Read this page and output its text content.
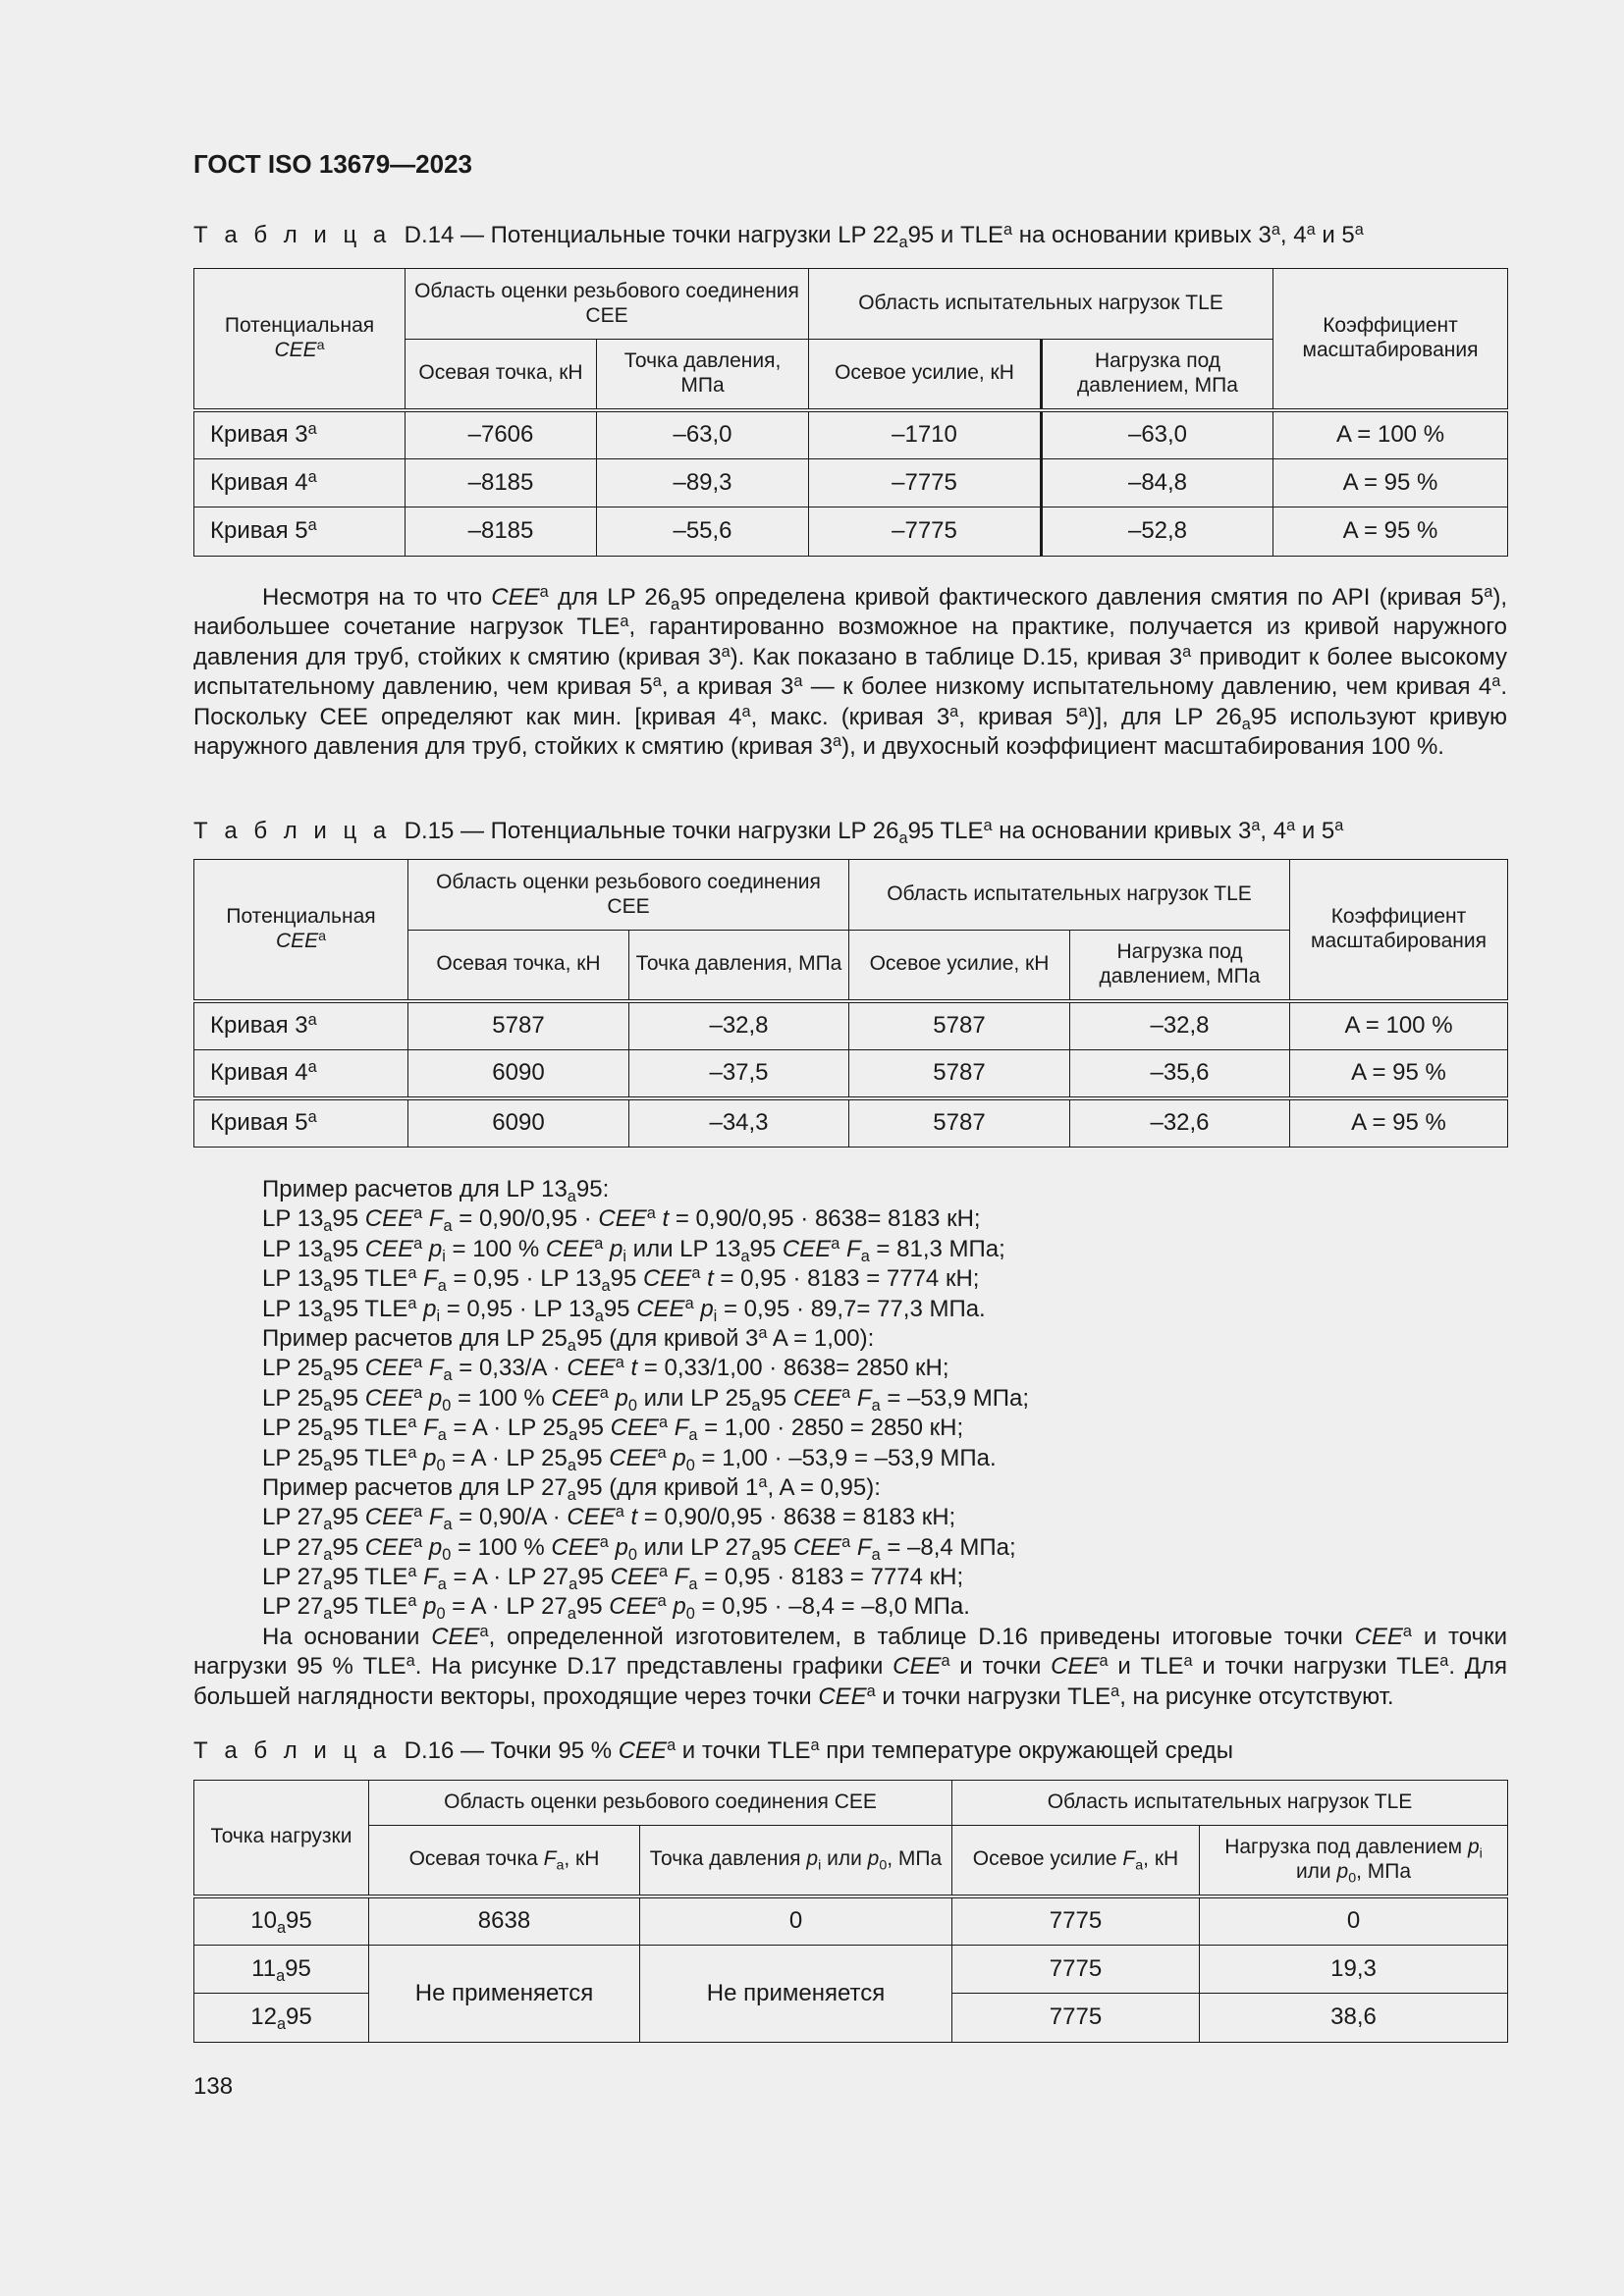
ГОСТ ISO 13679—2023
Т а б л и ц а D.14 — Потенциальные точки нагрузки LP $22_a95$ и TLE$^a$ на основании кривых 3$^a$, 4$^a$ и 5$^a$
Потенциальная
CEE$^a$	Область оценки резьбового соединения CEE		Область испытательных нагрузок TLE		Коэффициент масштабирования
	Осевая точка, кН	Точка давления, МПа	Осевое усилие, кН	Нагрузка под давлением, МПа	
Кривая 3$^a$	–7606	–63,0	–1710	–63,0	A = 100 %
Кривая 4$^a$	–8185	–89,3	–7775	–84,8	A = 95 %
Кривая 5$^a$	–8185	–55,6	–7775	–52,8	A = 95 %

Несмотря на то что CEE$^a$ для LP $26_a95$ определена кривой фактического давления смятия по API (кривая 5$^a$), наибольшее сочетание нагрузок TLE$^a$, гарантированно возможное на практике, получается из кривой наружного давления для труб, стойких к смятию (кривая 3$^a$). Как показано в таблице D.15, кривая 3$^a$ приводит к более высокому испытательному давлению, чем кривая 5$^a$, а кривая 3$^a$ — к более низкому испытательному давлению, чем кривая 4$^a$. Поскольку CEE определяют как мин. [кривая 4$^a$, макс. (кривая 3$^a$, кривая 5$^a$)], для LP $26_a95$ используют кривую наружного давления для труб, стойких к смятию (кривая 3$^a$), и двухосный коэффициент масштабирования 100 %.

Т а б л и ц а D.15 — Потенциальные точки нагрузки LP $26_a95$ TLE$^a$ на основании кривых 3$^a$, 4$^a$ и 5$^a$
Потенциальная
CEE$^a$	Область оценки резьбового соединения CEE		Область испытательных нагрузок TLE		Коэффициент масштабирования
	Осевая точка, кН	Точка давления, МПа	Осевое усилие, кН	Нагрузка под давлением, МПа	
Кривая 3$^a$	5787	–32,8	5787	–32,8	A = 100 %
Кривая 4$^a$	6090	–37,5	5787	–35,6	A = 95 %
Кривая 5$^a$	6090	–34,3	5787	–32,6	A = 95 %
Пример расчетов для LP $13_a95$:
LP $13_a95$ CEE$^a$ $F_a = 0,90/0,95 \cdot CEE^a$ t = 0,90/0,95 · 8638= 8183 кН;
LP $13_a95$ CEE$^a$ $p_i = 100$ % CEE$^a$ $p_i$ или LP $13_a95$ CEE$^a$ $F_a = 81,3$ МПа;
LP $13_a95$ TLE$^a$ $F_a = 0,95$ · LP $13_a95$ CEE$^a$ t = 0,95 · 8183 = 7774 кН;
LP $13_a95$ TLE$^a$ $p_i = 0,95$ · LP $13_a95$ CEE$^a$ $p_i = 0,95 \cdot 89,7= 77,3$ МПа.
Пример расчетов для LP $25_a95$ (для кривой 3$^a$ A = 1,00):
LP $25_a95$ CEE$^a$ $F_a = 0,33/A \cdot CEE^a$ t = 0,33/1,00 · 8638= 2850 кН;
LP $25_a95$ CEE$^a$ $p_0 = 100$ % CEE$^a$ $p_0$ или LP $25_a95$ CEE$^a$ $F_a = -53,9$ МПа;
LP $25_a95$ TLE$^a$ $F_a = A$ · LP $25_a95$ CEE$^a$ $F_a = 1,00 \cdot 2850 = 2850$ кН;
LP $25_a95$ TLE$^a$ $p_0 = A$ · LP $25_a95$ CEE$^a$ $p_0 = 1,00 \cdot -53,9 = -53,9$ МПа.
Пример расчетов для LP $27_a95$ (для кривой 1$^a$, A = 0,95):
LP $27_a95$ CEE$^a$ $F_a = 0,90/A \cdot CEE^a$ t = 0,90/0,95 · 8638 = 8183 кН;
LP $27_a95$ CEE$^a$ $p_0 = 100$ % CEE$^a$ $p_0$ или LP $27_a95$ CEE$^a$ $F_a = -8,4$ МПа;
LP $27_a95$ TLE$^a$ $F_a = A$ · LP $27_a95$ CEE$^a$ $F_a = 0,95 \cdot 8183 = 7774$ кН;
LP $27_a95$ TLE$^a$ $p_0 = A$ · LP $27_a95$ CEE$^a$ $p_0 = 0,95 \cdot -8,4 = -8,0$ МПа.

На основании CEE$^a$, определенной изготовителем, в таблице D.16 приведены итоговые точки CEE$^a$ и точки нагрузки 95 % TLE$^a$. На рисунке D.17 представлены графики CEE$^a$ и точки CEE$^a$ и TLE$^a$ и точки нагрузки TLE$^a$. Для большей наглядности векторы, проходящие через точки CEE$^a$ и точки нагрузки TLE$^a$, на рисунке отсутствуют.

Т а б л и ц а D.16 — Точки 95 % CEE$^a$ и точки TLE$^a$ при температуре окружающей среды
Точка нагрузки	Область оценки резьбового соединения CEE		Область испытательных нагрузок TLE	
	Осевая точка $F_a$, кН	Точка давления $p_i$ или $p_0$, МПа	Осевое усилие $F_a$, кН	Нагрузка под давлением $p_i$ или $p_0$, МПа
$10_a95$	8638	0	7775	0
$11_a95$	Не применяется	Не применяется	7775	19,3
$12_a95$			7775	38,6
138
